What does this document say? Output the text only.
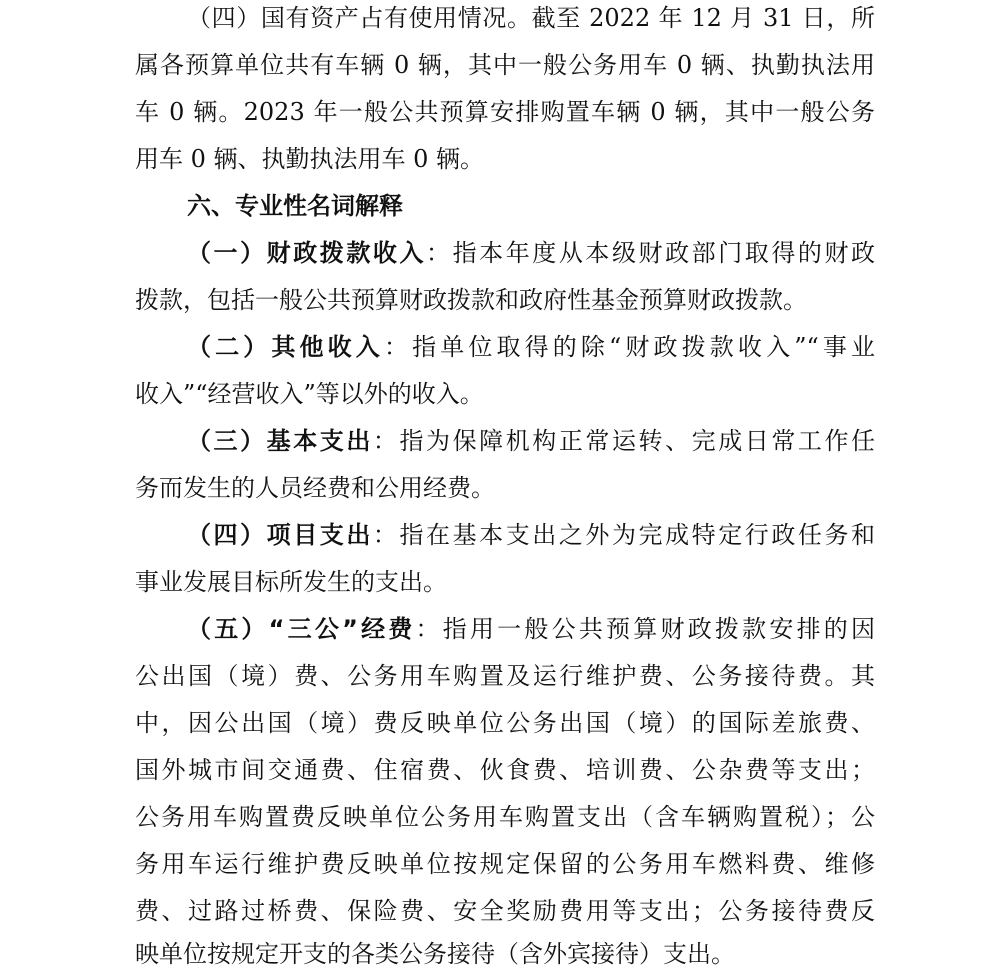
（四）国有资产占有使用情况。截至 2022 年 12 月 31 日，所
属各预算单位共有车辆 0 辆，其中一般公务用车 0 辆、执勤执法用
车 0 辆。2023 年一般公共预算安排购置车辆 0 辆，其中一般公务
用车 0 辆、执勤执法用车 0 辆。
六、专业性名词解释
（一）财政拨款收入：指本年度从本级财政部门取得的财政
拨款，包括一般公共预算财政拨款和政府性基金预算财政拨款。
（二）其他收入：指单位取得的除“财政拨款收入”“事业
收入”“经营收入”等以外的收入。
（三）基本支出：指为保障机构正常运转、完成日常工作任
务而发生的人员经费和公用经费。
（四）项目支出：指在基本支出之外为完成特定行政任务和
事业发展目标所发生的支出。
（五）“三公”经费：指用一般公共预算财政拨款安排的因
公出国（境）费、公务用车购置及运行维护费、公务接待费。其
中，因公出国（境）费反映单位公务出国（境）的国际差旅费、
国外城市间交通费、住宿费、伙食费、培训费、公杂费等支出；
公务用车购置费反映单位公务用车购置支出（含车辆购置税）；公
务用车运行维护费反映单位按规定保留的公务用车燃料费、维修
费、过路过桥费、保险费、安全奖励费用等支出；公务接待费反
映单位按规定开支的各类公务接待（含外宾接待）支出。
